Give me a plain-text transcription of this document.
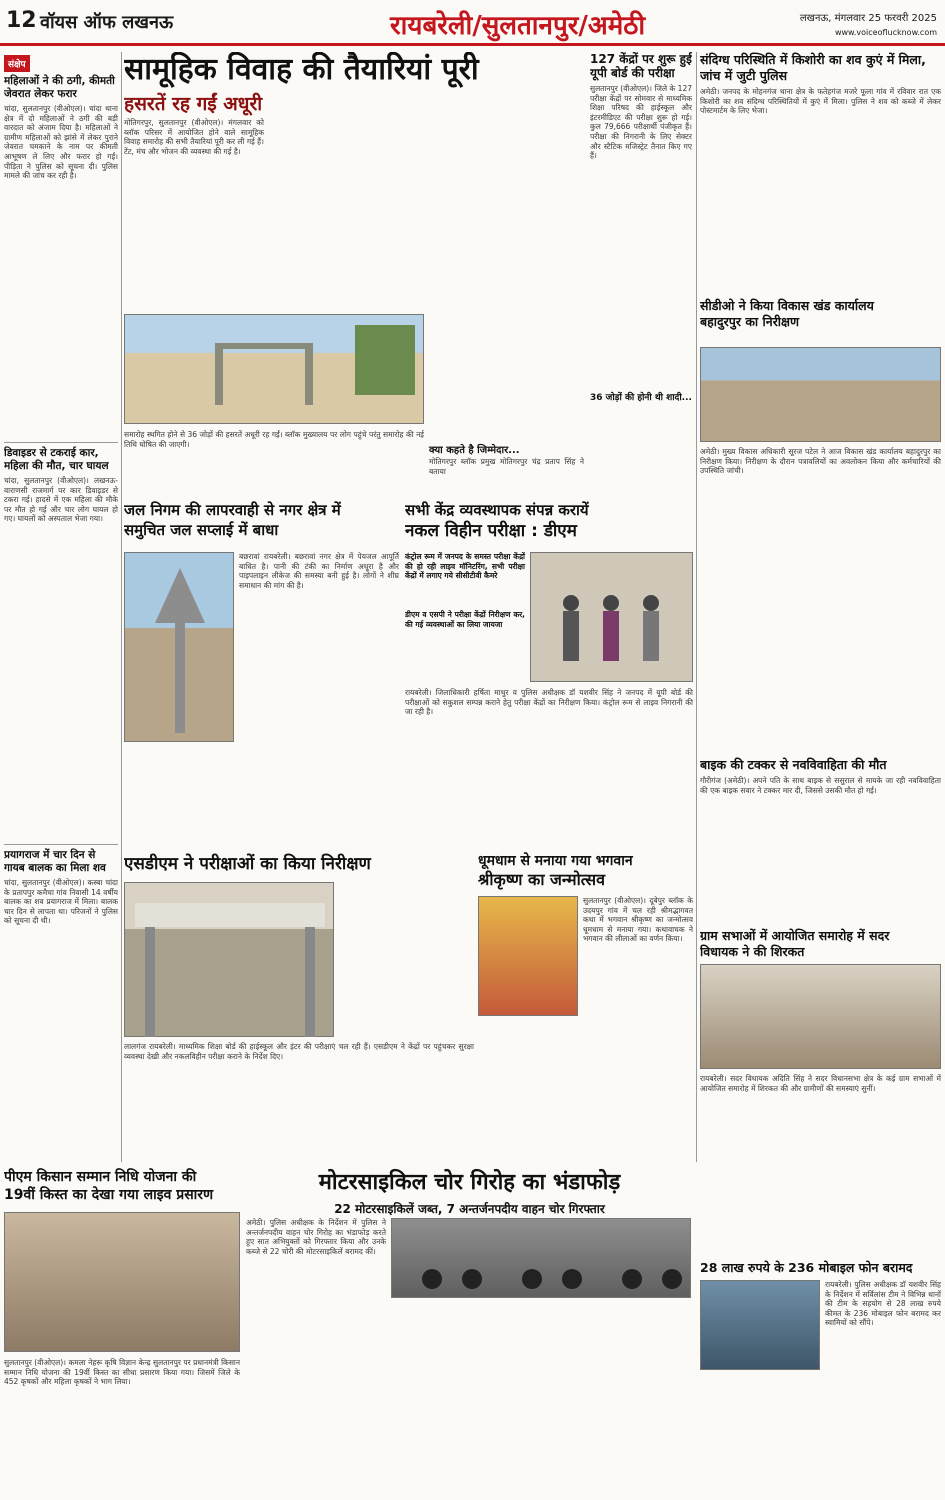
12 वॉयस ऑफ लखनऊ	रायबरेली/सुलतानपुर/अमेठी	लखनऊ, मंगलवार 25 फरवरी 2025
www.voiceoflucknow.com
संक्षेप
महिलाओं ने की ठगी, कीमती जेवरात लेकर फरार
चांदा, सुलतानपुर (वीओएल)। चांदा थाना क्षेत्र में दो महिलाओं ने ठगी की बड़ी वारदात को अंजाम दिया है। महिलाओं ने ग्रामीण महिलाओं को झांसे में लेकर पुराने जेवरात चमकाने के नाम पर कीमती आभूषण ले लिए और फरार हो गईं। पीड़िता ने पुलिस को सूचना दी। पुलिस मामले की जांच कर रही है।
डिवाइडर से टकराई कार, महिला की मौत, चार घायल
चांदा, सुलतानपुर (वीओएल)। लखनऊ-वाराणसी राजमार्ग पर कार डिवाइडर से टकरा गई। हादसे में एक महिला की मौके पर मौत हो गई और चार लोग घायल हो गए। घायलों को अस्पताल भेजा गया।
प्रयागराज में चार दिन से गायब बालक का मिला शव
चांदा, सुलतानपुर (वीओएल)। कस्बा चांदा के प्रतापपुर कमैचा गांव निवासी 14 वर्षीय बालक का शव प्रयागराज में मिला। बालक चार दिन से लापता था। परिजनों ने पुलिस को सूचना दी थी।
सामूहिक विवाह की तैयारियां पूरी
हसरतें रह गईं अधूरी
मोतिगरपुर, सुलतानपुर (वीओएल)। मंगलवार को ब्लॉक परिसर में आयोजित होने वाले सामूहिक विवाह समारोह की सभी तैयारियां पूरी कर ली गई हैं। टेंट, मंच और भोजन की व्यवस्था की गई है।
समारोह स्थगित होने से 36 जोड़ों की हसरतें अधूरी रह गईं। ब्लॉक मुख्यालय पर लोग पहुंचे परंतु समारोह की नई तिथि घोषित की जाएगी।
क्या कहते है जिम्मेदार...
मोतिगरपुर ब्लॉक प्रमुख मोतिगरपुर चंद्र प्रताप सिंह ने बताया
127 केंद्रों पर शुरू हुई यूपी बोर्ड की परीक्षा
सुलतानपुर (वीओएल)। जिले के 127 परीक्षा केंद्रों पर सोमवार से माध्यमिक शिक्षा परिषद की हाईस्कूल और इंटरमीडिएट की परीक्षा शुरू हो गई। कुल 79,666 परीक्षार्थी पंजीकृत हैं। परीक्षा की निगरानी के लिए सेक्टर और स्टैटिक मजिस्ट्रेट तैनात किए गए हैं।
36 जोड़ों की होनी थी शादी...
जल निगम की लापरवाही से नगर क्षेत्र में समुचित जल सप्लाई में बाधा
बछरावां रायबरेली। बछरावां नगर क्षेत्र में पेयजल आपूर्ति बाधित है। पानी की टंकी का निर्माण अधूरा है और पाइपलाइन लीकेज की समस्या बनी हुई है। लोगों ने शीघ्र समाधान की मांग की है।
सभी केंद्र व्यवस्थापक संपन्न करायें
नकल विहीन परीक्षा : डीएम
कंट्रोल रूम में जनपद के समस्त परीक्षा केंद्रों की हो रही लाइव मॉनिटरिंग, सभी परीक्षा केंद्रों में लगाए गये सीसीटीवी कैमरे
डीएम व एसपी ने परीक्षा केंद्रों निरीक्षण कर, की गई व्यवस्थाओं का लिया जायजा
रायबरेली। जिलाधिकारी हर्षिता माथुर व पुलिस अधीक्षक डॉ यशवीर सिंह ने जनपद में यूपी बोर्ड की परीक्षाओं को सकुशल सम्पन्न कराने हेतु परीक्षा केंद्रों का निरीक्षण किया। कंट्रोल रूम से लाइव निगरानी की जा रही है।
एसडीएम ने परीक्षाओं का किया निरीक्षण
लालगंज रायबरेली। माध्यमिक शिक्षा बोर्ड की हाईस्कूल और इंटर की परीक्षाएं चल रही हैं। एसडीएम ने केंद्रों पर पहुंचकर सुरक्षा व्यवस्था देखी और नकलविहीन परीक्षा कराने के निर्देश दिए।
धूमधाम से मनाया गया भगवान
श्रीकृष्ण का जन्मोत्सव
सुलतानपुर (वीओएल)। दूबेपुर ब्लॉक के उदयपुर गांव में चल रही श्रीमद्भागवत कथा में भगवान श्रीकृष्ण का जन्मोत्सव धूमधाम से मनाया गया। कथावाचक ने भगवान की लीलाओं का वर्णन किया।
पीएम किसान सम्मान निधि योजना की
19वीं किस्त का देखा गया लाइव प्रसारण
सुलतानपुर (वीओएल)। कमला नेहरू कृषि विज्ञान केन्द्र सुलतानपुर पर प्रधानमंत्री किसान सम्मान निधि योजना की 19वीं किस्त का सीधा प्रसारण किया गया। जिसमें जिले के 452 कृषकों और महिला कृषकों ने भाग लिया।
मोटरसाइकिल चोर गिरोह का भंडाफोड़
22 मोटरसाइकिलें जब्त, 7 अन्तर्जनपदीय वाहन चोर गिरफ्तार
अमेठी। पुलिस अधीक्षक के निर्देशन में पुलिस ने अन्तर्जनपदीय वाहन चोर गिरोह का भंडाफोड़ करते हुए सात अभियुक्तों को गिरफ्तार किया और उनके कब्जे से 22 चोरी की मोटरसाइकिलें बरामद कीं।
संदिग्ध परिस्थिति में किशोरी का शव कुएं में मिला, जांच में जुटी पुलिस
अमेठी। जनपद के मोहनगंज थाना क्षेत्र के फतेहगंज मजरे फूला गांव में रविवार रात एक किशोरी का शव संदिग्ध परिस्थितियों में कुएं में मिला। पुलिस ने शव को कब्जे में लेकर पोस्टमार्टम के लिए भेजा।
सीडीओ ने किया विकास खंड कार्यालय
बहादुरपुर का निरीक्षण
अमेठी। मुख्य विकास अधिकारी सूरज पटेल ने आज विकास खंड कार्यालय बहादुरपुर का निरीक्षण किया। निरीक्षण के दौरान पत्रावलियों का अवलोकन किया और कर्मचारियों की उपस्थिति जांची।
बाइक की टक्कर से नवविवाहिता की मौत
गौरीगंज (अमेठी)। अपने पति के साथ बाइक से ससुराल से मायके जा रही नवविवाहिता की एक बाइक सवार ने टक्कर मार दी, जिससे उसकी मौत हो गई।
ग्राम सभाओं में आयोजित समारोह में सदर
विधायक ने की शिरकत
रायबरेली। सदर विधायक अदिति सिंह ने सदर विधानसभा क्षेत्र के कई ग्राम सभाओं में आयोजित समारोह में शिरकत की और ग्रामीणों की समस्याएं सुनीं।
28 लाख रुपये के 236 मोबाइल फोन बरामद
रायबरेली। पुलिस अधीक्षक डॉ यशवीर सिंह के निर्देशन में सर्विलांस टीम ने विभिन्न थानों की टीम के सहयोग से 28 लाख रुपये कीमत के 236 मोबाइल फोन बरामद कर स्वामियों को सौंपे।
